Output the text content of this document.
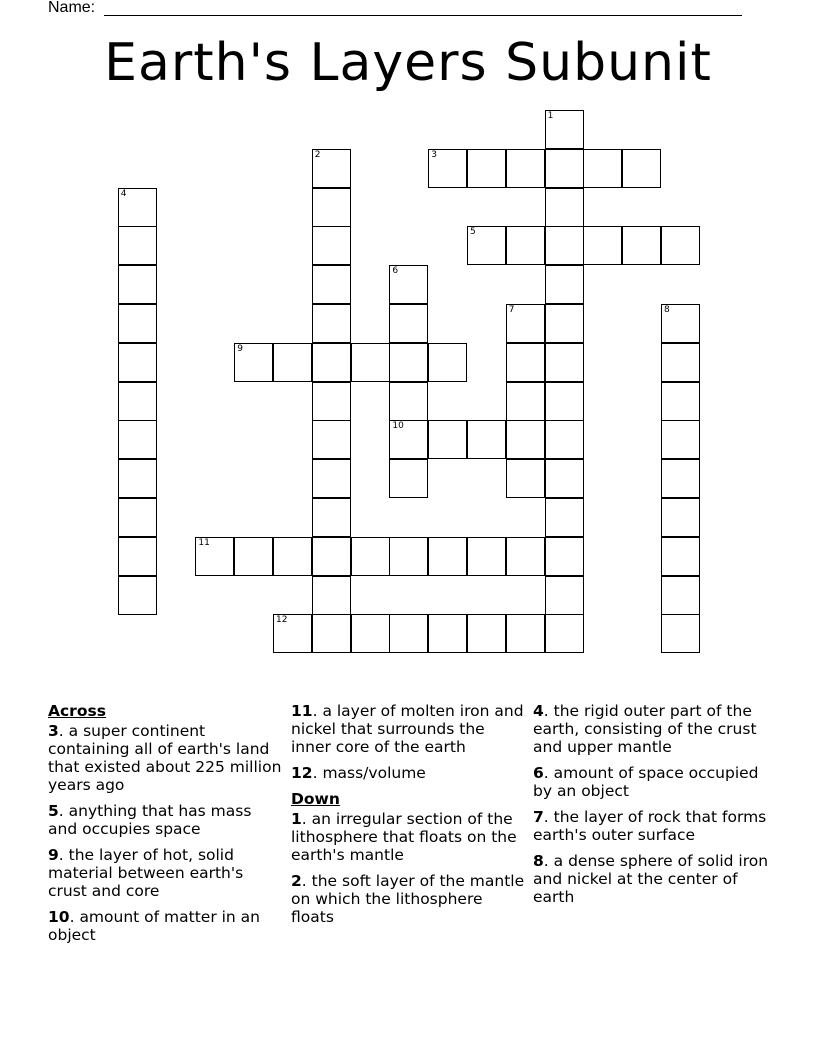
Name:
Earth's Layers Subunit
1
2	3
4
5
6
10
7	8
9
11
12
Across
3. a super continent containing all of earth's land that existed about 225 million years ago
5. anything that has mass and occupies space
9. the layer of hot, solid material between earth's crust and core
10. amount of matter in an object
11. a layer of molten iron and nickel that surrounds the inner core of the earth
12. mass/volume
Down
1. an irregular section of the lithosphere that floats on the earth's mantle
2. the soft layer of the mantle on which the lithosphere floats
4. the rigid outer part of the earth, consisting of the crust and upper mantle
6. amount of space occupied by an object
7. the layer of rock that forms earth's outer surface
8. a dense sphere of solid iron and nickel at the center of earth
